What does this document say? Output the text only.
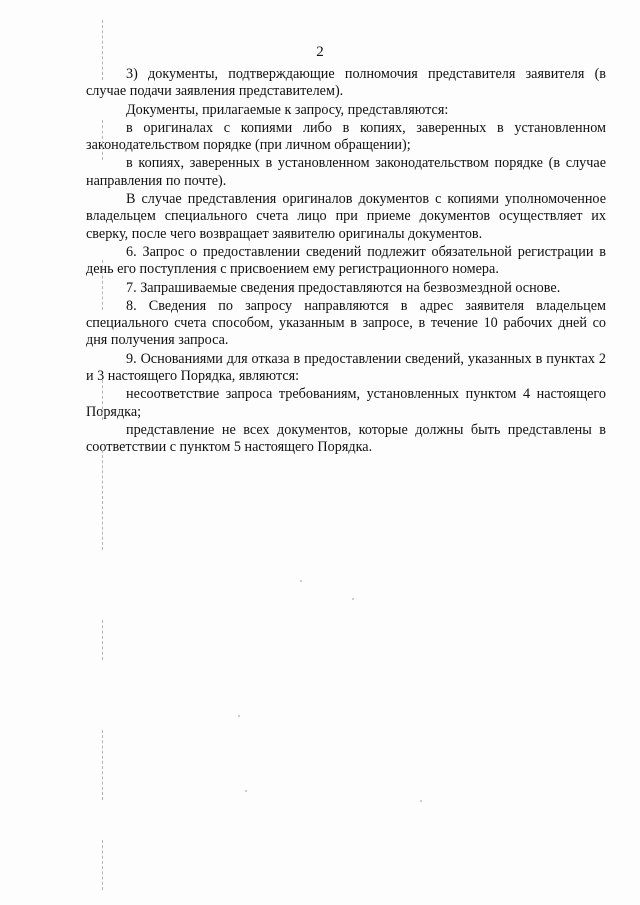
2

3) документы, подтверждающие полномочия представителя заявителя (в случае подачи заявления представителем).

Документы, прилагаемые к запросу, представляются:

в оригиналах с копиями либо в копиях, заверенных в установленном законодательством порядке (при личном обращении);

в копиях, заверенных в установленном законодательством порядке (в случае направления по почте).

В случае представления оригиналов документов с копиями уполномоченное владельцем специального счета лицо при приеме документов осуществляет их сверку, после чего возвращает заявителю оригиналы документов.

6. Запрос о предоставлении сведений подлежит обязательной регистрации в день его поступления с присвоением ему регистрационного номера.

7. Запрашиваемые сведения предоставляются на безвозмездной основе.

8. Сведения по запросу направляются в адрес заявителя владельцем специального счета способом, указанным в запросе, в течение 10 рабочих дней со дня получения запроса.

9. Основаниями для отказа в предоставлении сведений, указанных в пунктах 2 и 3 настоящего Порядка, являются:

несоответствие запроса требованиям, установленных пунктом 4 настоящего Порядка;

представление не всех документов, которые должны быть представлены в соответствии с пунктом 5 настоящего Порядка.
